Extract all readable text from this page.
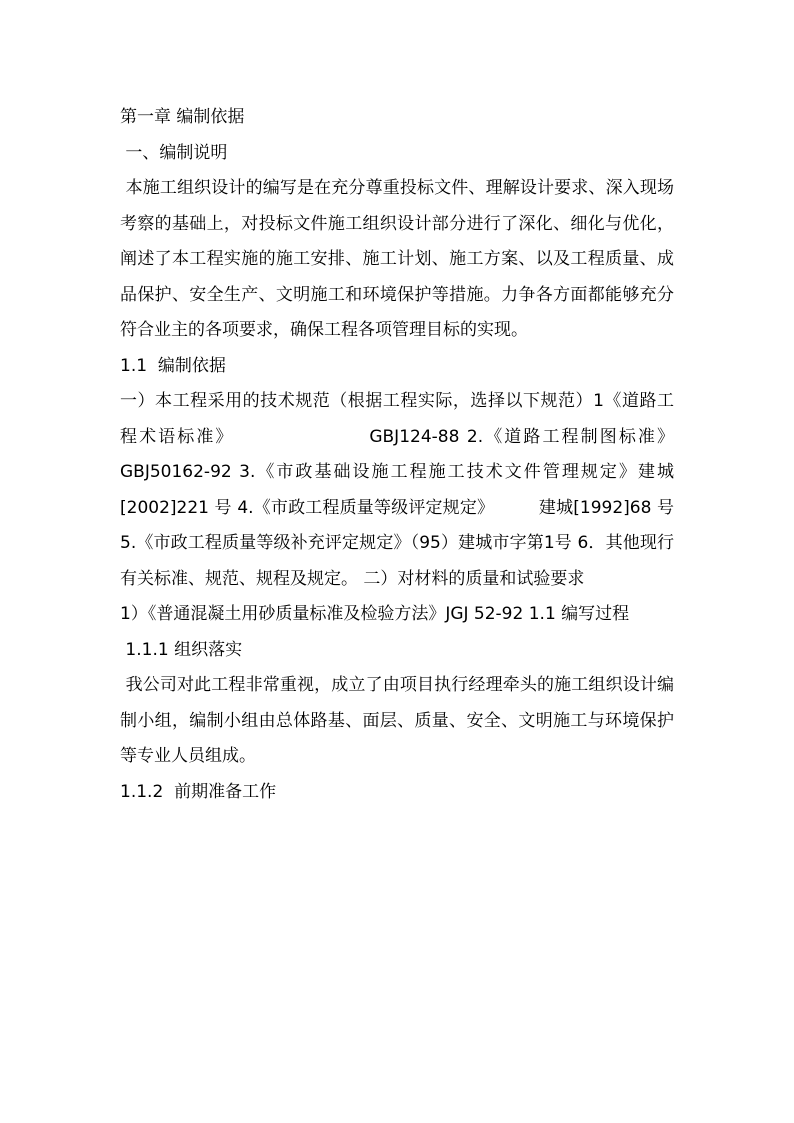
第一章 编制依据

一、编制说明

本施工组织设计的编写是在充分尊重投标文件、理解设计要求、深入现场考察的基础上，对投标文件施工组织设计部分进行了深化、细化与优化，阐述了本工程实施的施工安排、施工计划、施工方案、以及工程质量、成品保护、安全生产、文明施工和环境保护等措施。力争各方面都能够充分符合业主的各项要求，确保工程各项管理目标的实现。

1.1  编制依据

一）本工程采用的技术规范（根据工程实际，选择以下规范）1《道路工程术语标准》                  GBJ124-88 2.《道路工程制图标准》                  GBJ50162-92 3.《市政基础设施工程施工技术文件管理规定》建城[2002]221 号 4.《市政工程质量等级评定规定》        建城[1992]68 号 5.《市政工程质量等级补充评定规定》（95）建城市字第1号 6．其他现行有关标准、规范、规程及规定。 二）对材料的质量和试验要求

1）《普通混凝土用砂质量标准及检验方法》JGJ 52-92 1.1 编写过程

1.1.1 组织落实

我公司对此工程非常重视，成立了由项目执行经理牵头的施工组织设计编制小组，编制小组由总体路基、面层、质量、安全、文明施工与环境保护等专业人员组成。

1.1.2  前期准备工作
